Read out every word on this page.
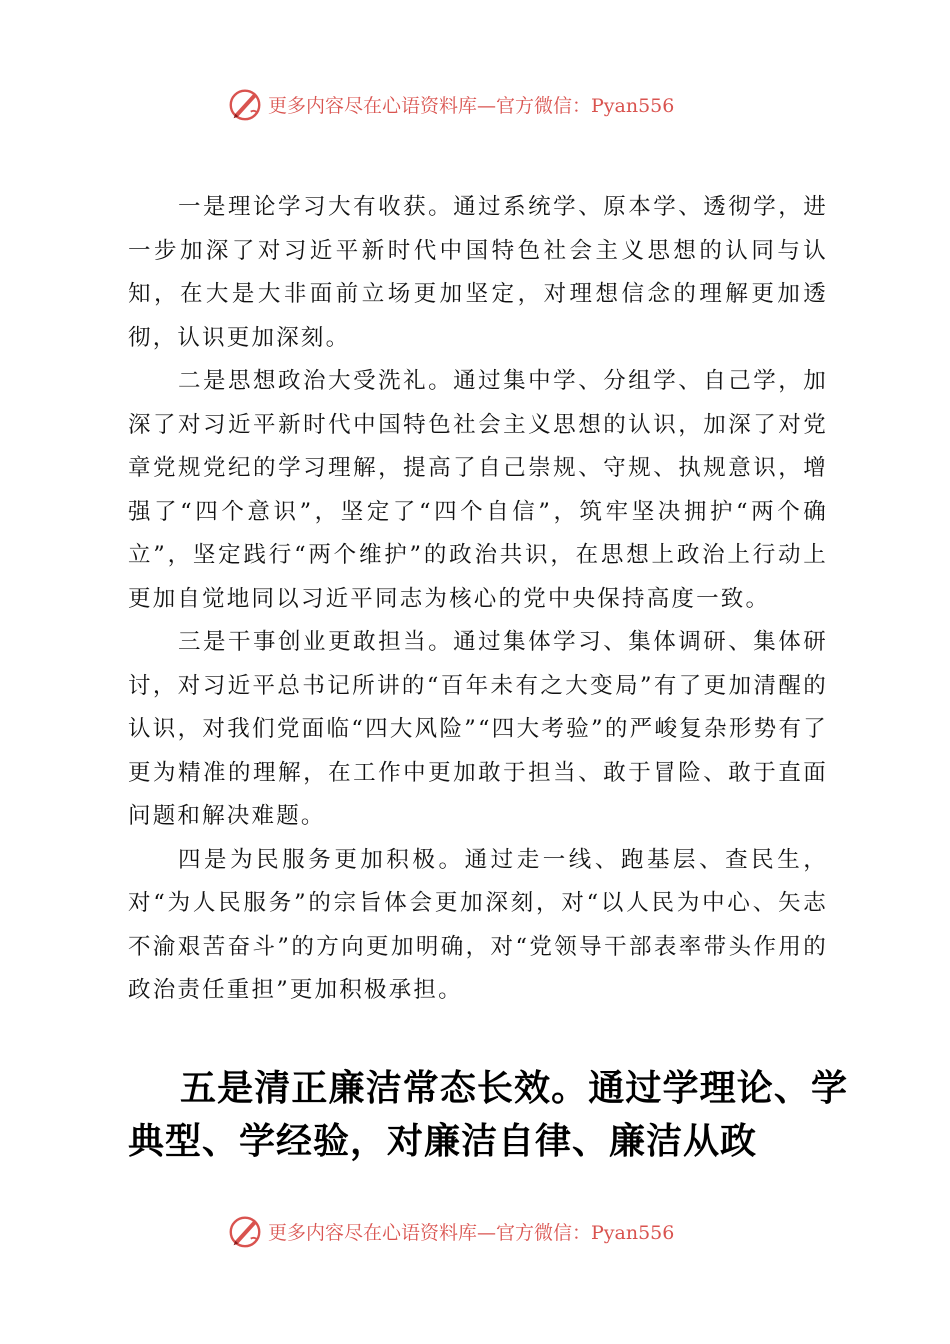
更多内容尽在心语资料库—官方微信：Pyan556

一是理论学习大有收获。通过系统学、原本学、透彻学，进一步加深了对习近平新时代中国特色社会主义思想的认同与认知，在大是大非面前立场更加坚定，对理想信念的理解更加透彻，认识更加深刻。

二是思想政治大受洗礼。通过集中学、分组学、自己学，加深了对习近平新时代中国特色社会主义思想的认识，加深了对党章党规党纪的学习理解，提高了自己崇规、守规、执规意识，增强了“四个意识”，坚定了“四个自信”，筑牢坚决拥护“两个确立”，坚定践行“两个维护”的政治共识，在思想上政治上行动上更加自觉地同以习近平同志为核心的党中央保持高度一致。

三是干事创业更敢担当。通过集体学习、集体调研、集体研讨，对习近平总书记所讲的“百年未有之大变局”有了更加清醒的认识，对我们党面临“四大风险”“四大考验”的严峻复杂形势有了更为精准的理解，在工作中更加敢于担当、敢于冒险、敢于直面问题和解决难题。

四是为民服务更加积极。通过走一线、跑基层、查民生，对“为人民服务”的宗旨体会更加深刻，对“以人民为中心、矢志不渝艰苦奋斗”的方向更加明确，对“党领导干部表率带头作用的政治责任重担”更加积极承担。

五是清正廉洁常态长效。通过学理论、学典型、学经验，对廉洁自律、廉洁从政

更多内容尽在心语资料库—官方微信：Pyan556
